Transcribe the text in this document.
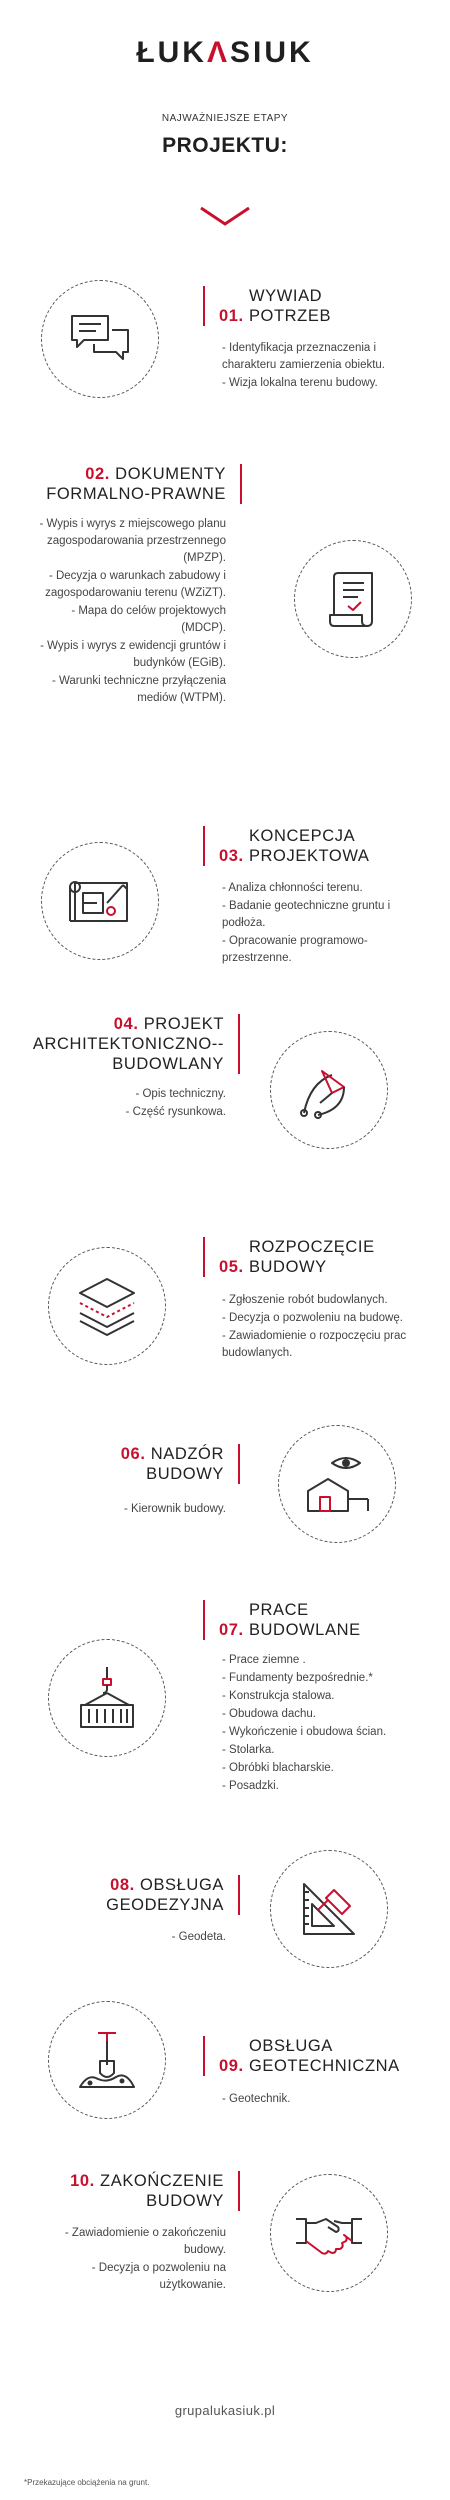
ŁUKΛSIUK
NAJWAŻNIEJSZE ETAPY
PROJEKTU:
01. WYWIAD POTRZEB
- Identyfikacja przeznaczenia i charakteru zamierzenia obiektu.
- Wizja lokalna terenu budowy.
02. DOKUMENTY FORMALNO-PRAWNE
- Wypis i wyrys z miejscowego planu zagospodarowania przestrzennego (MPZP).
- Decyzja o warunkach zabudowy i zagospodarowaniu terenu (WZiZT).
- Mapa do celów projektowych (MDCP).
- Wypis i wyrys z ewidencji gruntów i budynków (EGiB).
- Warunki techniczne przyłączenia mediów (WTPM).
03. KONCEPCJA PROJEKTOWA
- Analiza chłonności terenu.
- Badanie geotechniczne gruntu i podłoża.
- Opracowanie programowo-przestrzenne.
04. PROJEKT ARCHITEKTONICZNO--BUDOWLANY
- Opis techniczny.
- Część rysunkowa.
05. ROZPOCZĘCIE BUDOWY
- Zgłoszenie robót budowlanych.
- Decyzja o pozwoleniu na budowę.
- Zawiadomienie o rozpoczęciu prac budowlanych.
06. NADZÓR BUDOWY
- Kierownik budowy.
07. PRACE BUDOWLANE
- Prace ziemne .
- Fundamenty bezpośrednie.*
- Konstrukcja stalowa.
- Obudowa dachu.
- Wykończenie i obudowa ścian.
- Stolarka.
- Obróbki blacharskie.
- Posadzki.
08. OBSŁUGA GEODEZYJNA
- Geodeta.
09. OBSŁUGA GEOTECHNICZNA
- Geotechnik.
10. ZAKOŃCZENIE BUDOWY
- Zawiadomienie o zakończeniu budowy.
- Decyzja o pozwoleniu na użytkowanie.
grupalukasiuk.pl
*Przekazujące obciążenia na grunt.
